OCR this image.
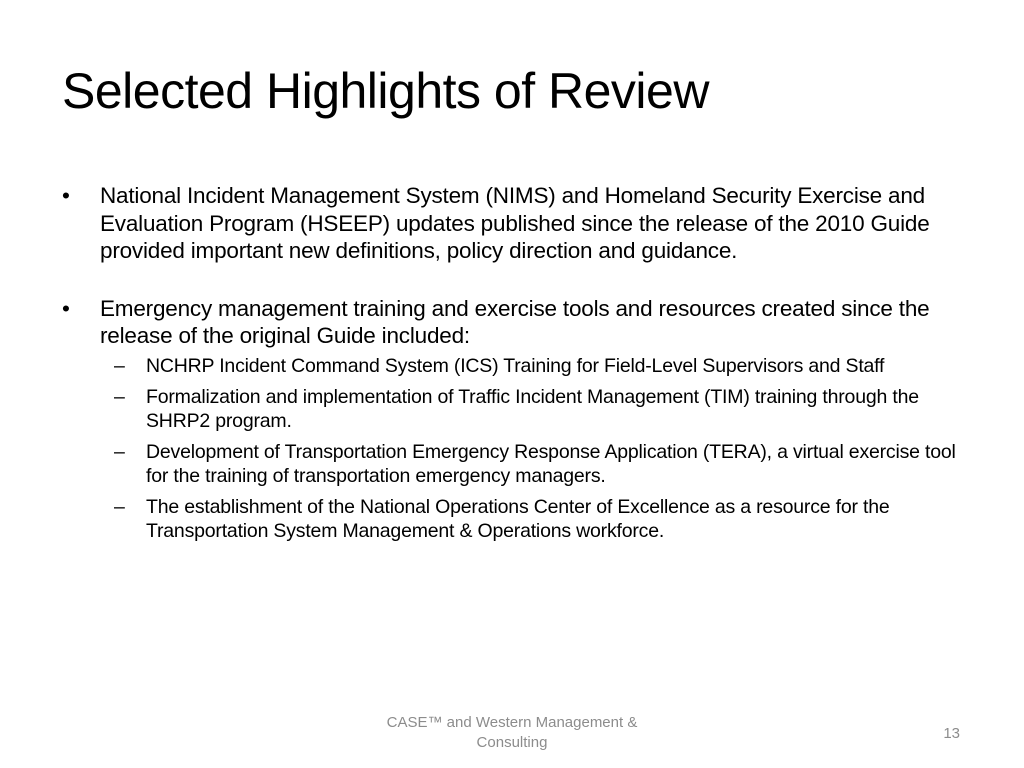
Selected Highlights of Review
•	National Incident Management System (NIMS) and Homeland Security Exercise and Evaluation Program (HSEEP) updates published since the release of the 2010 Guide provided important new definitions, policy direction and guidance.
•	Emergency management training and exercise tools and resources created since the release of the original Guide included:
– NCHRP Incident Command System (ICS) Training for Field-Level Supervisors and Staff
– Formalization and implementation of Traffic Incident Management (TIM) training through the SHRP2 program.
– Development of Transportation Emergency Response Application (TERA), a virtual exercise tool for the training of transportation emergency managers.
– The establishment of the National Operations Center of Excellence as a resource for the Transportation System Management & Operations workforce.
CASE™ and Western Management &
Consulting
13
